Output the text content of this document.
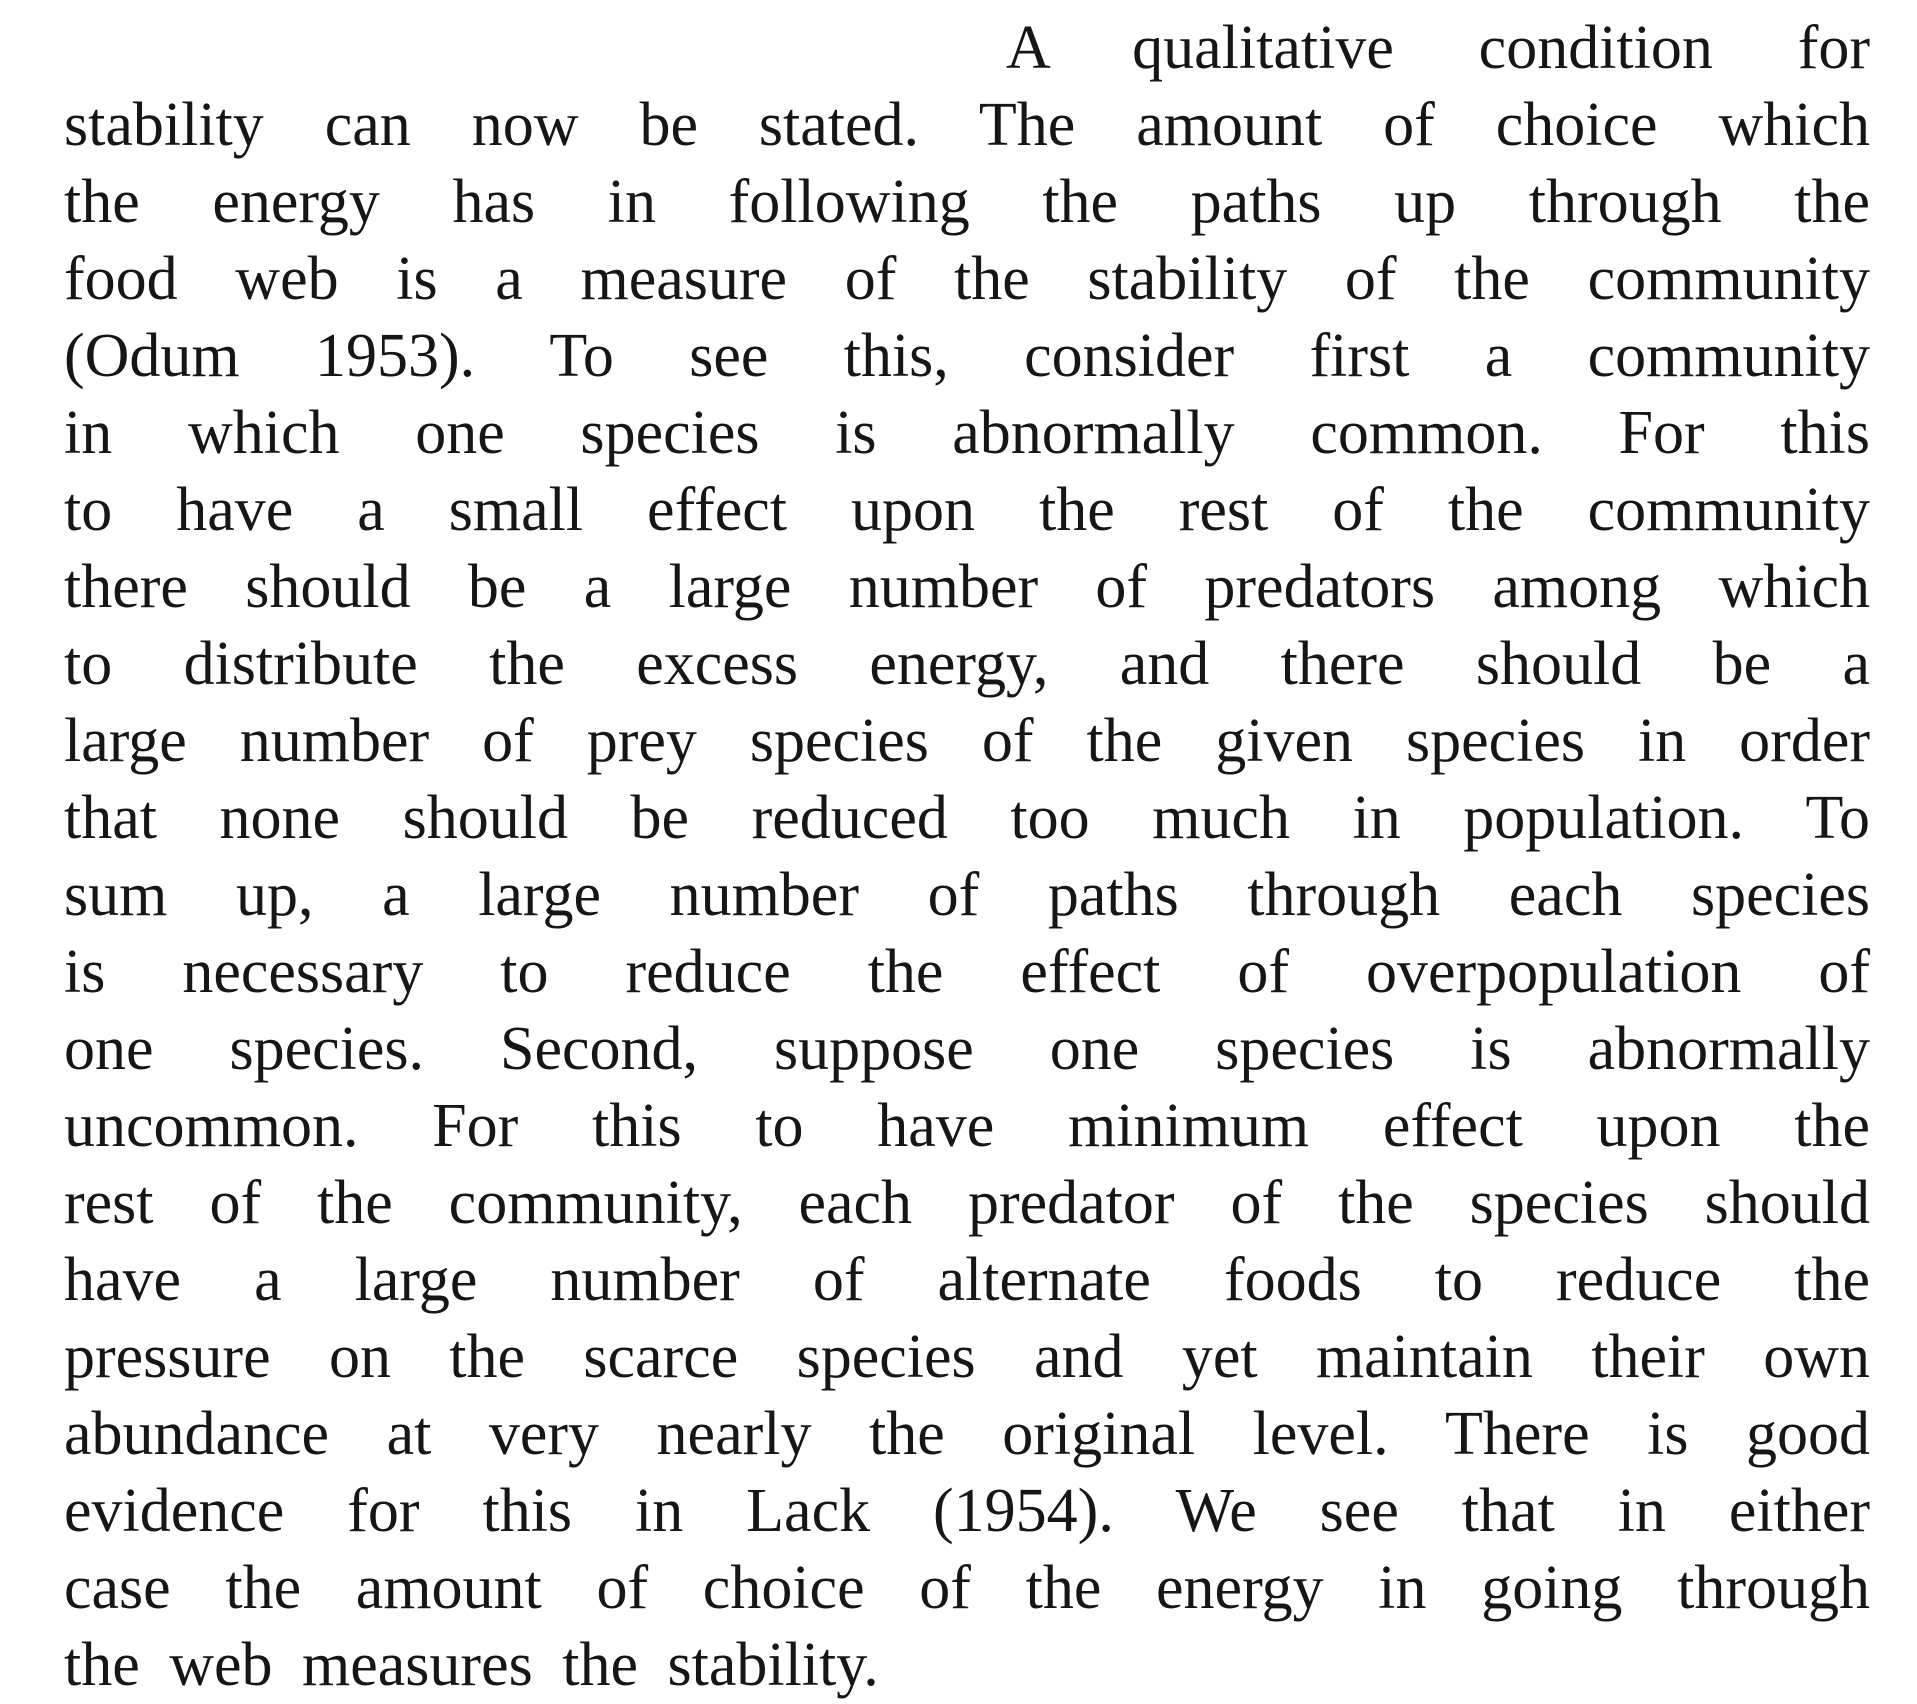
A qualitative condition for
stability can now be stated. The amount of choice which
the energy has in following the paths up through the
food web is a measure of the stability of the community
(Odum 1953). To see this, consider first a community
in which one species is abnormally common. For this
to have a small effect upon the rest of the community
there should be a large number of predators among which
to distribute the excess energy, and there should be a
large number of prey species of the given species in order
that none should be reduced too much in population. To
sum up, a large number of paths through each species
is necessary to reduce the effect of overpopulation of
one species. Second, suppose one species is abnormally
uncommon. For this to have minimum effect upon the
rest of the community, each predator of the species should
have a large number of alternate foods to reduce the
pressure on the scarce species and yet maintain their own
abundance at very nearly the original level. There is good
evidence for this in Lack (1954). We see that in either
case the amount of choice of the energy in going through
the web measures the stability.
